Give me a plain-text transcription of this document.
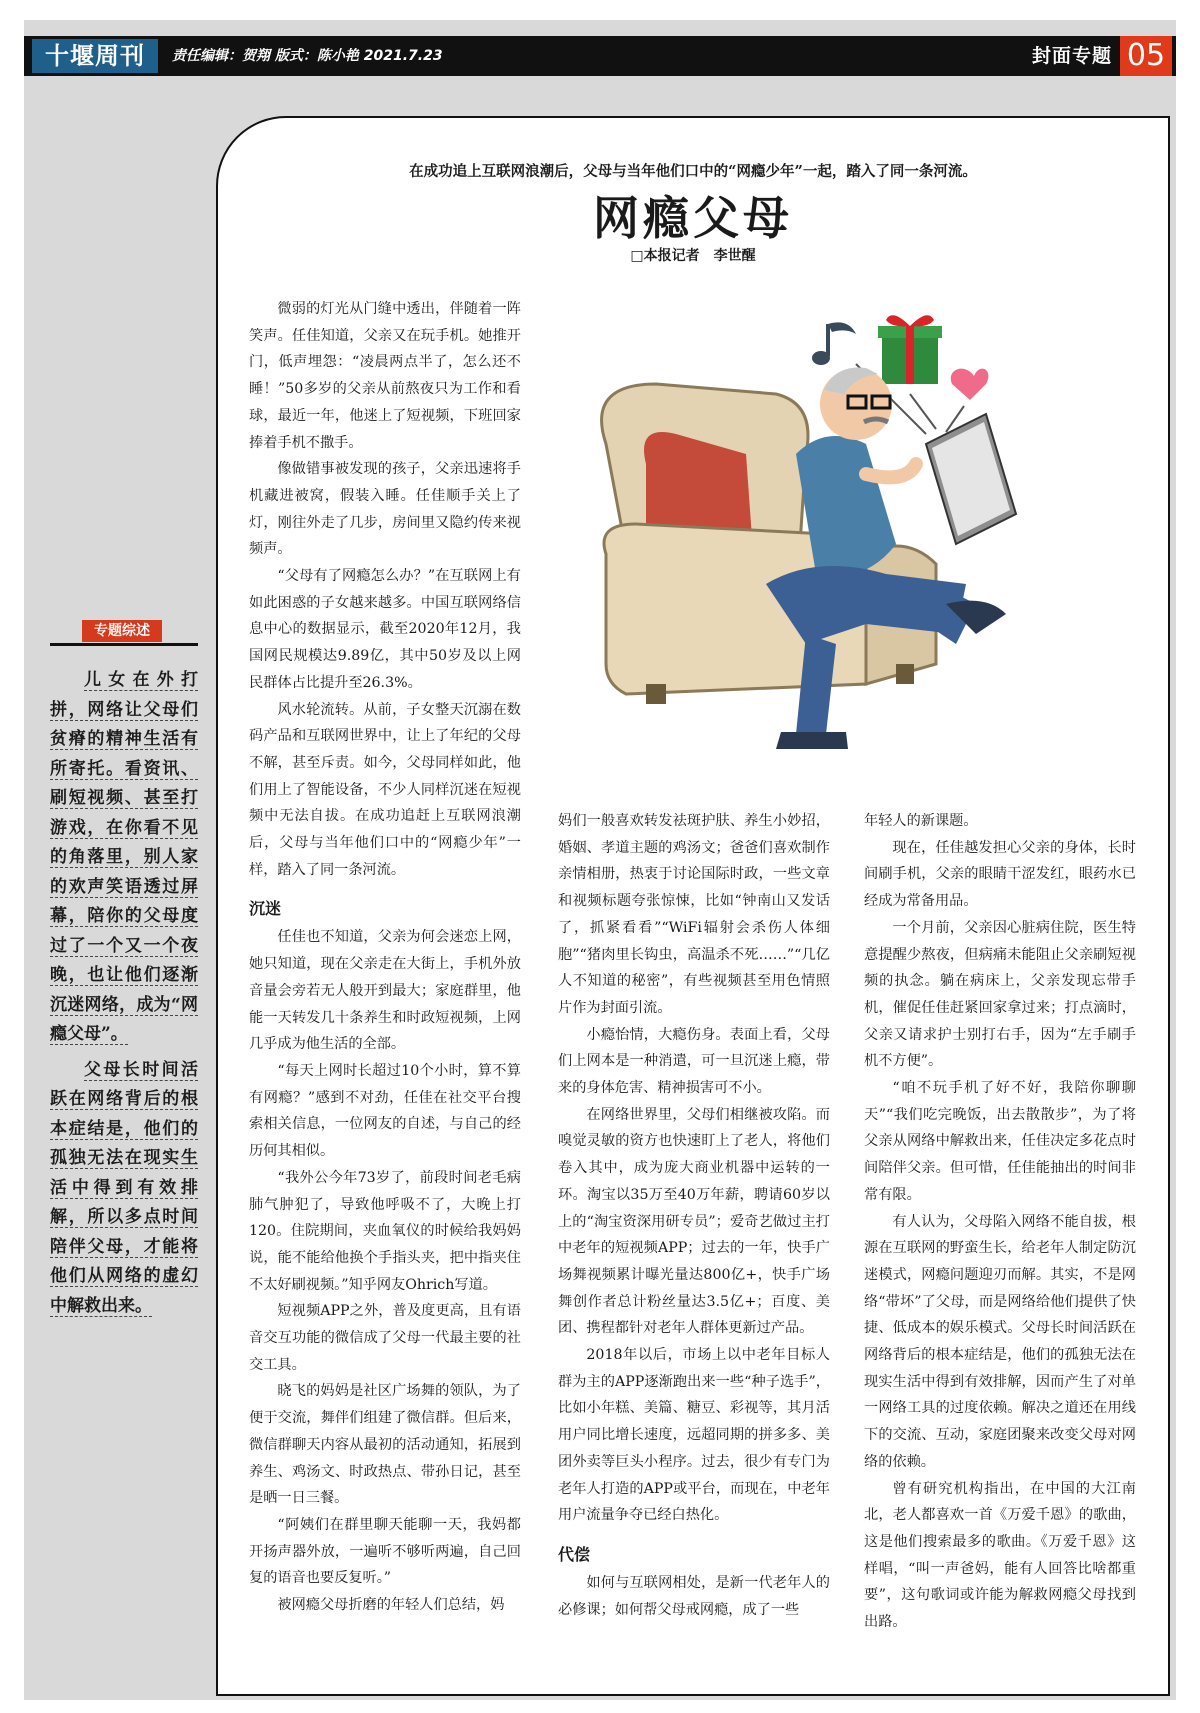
十堰周刊	责任编辑：贺翔 版式：陈小艳 2021.7.23	封面专题 05
在成功追上互联网浪潮后，父母与当年他们口中的“网瘾少年”一起，踏入了同一条河流。
网瘾父母
□本报记者　李世醒
专题综述

儿女在外打拼，网络让父母们贫瘠的精神生活有所寄托。看资讯、刷短视频、甚至打游戏，在你看不见的角落里，别人家的欢声笑语透过屏幕，陪你的父母度过了一个又一个夜晚，也让他们逐渐沉迷网络，成为“网瘾父母”。

父母长时间活跃在网络背后的根本症结是，他们的孤独无法在现实生活中得到有效排解，所以多点时间陪伴父母，才能将他们从网络的虚幻中解救出来。

微弱的灯光从门缝中透出，伴随着一阵笑声。任佳知道，父亲又在玩手机。她推开门，低声埋怨：“凌晨两点半了，怎么还不睡！”50多岁的父亲从前熬夜只为工作和看球，最近一年，他迷上了短视频，下班回家捧着手机不撒手。

像做错事被发现的孩子，父亲迅速将手机藏进被窝，假装入睡。任佳顺手关上了灯，刚往外走了几步，房间里又隐约传来视频声。

“父母有了网瘾怎么办？”在互联网上有如此困惑的子女越来越多。中国互联网络信息中心的数据显示，截至2020年12月，我国网民规模达9.89亿，其中50岁及以上网民群体占比提升至26.3%。

风水轮流转。从前，子女整天沉溺在数码产品和互联网世界中，让上了年纪的父母不解，甚至斥责。如今，父母同样如此，他们用上了智能设备，不少人同样沉迷在短视频中无法自拔。在成功追赶上互联网浪潮后，父母与当年他们口中的“网瘾少年”一样，踏入了同一条河流。

沉迷

任佳也不知道，父亲为何会迷恋上网，她只知道，现在父亲走在大街上，手机外放音量会旁若无人般开到最大；家庭群里，他能一天转发几十条养生和时政短视频，上网几乎成为他生活的全部。

“每天上网时长超过10个小时，算不算有网瘾？”感到不对劲，任佳在社交平台搜索相关信息，一位网友的自述，与自己的经历何其相似。

“我外公今年73岁了，前段时间老毛病肺气肿犯了，导致他呼吸不了，大晚上打120。住院期间，夹血氧仪的时候给我妈妈说，能不能给他换个手指头夹，把中指夹住不太好刷视频。”知乎网友Ohrich写道。

短视频APP之外，普及度更高，且有语音交互功能的微信成了父母一代最主要的社交工具。

晓飞的妈妈是社区广场舞的领队，为了便于交流，舞伴们组建了微信群。但后来，微信群聊天内容从最初的活动通知，拓展到养生、鸡汤文、时政热点、带孙日记，甚至是晒一日三餐。

“阿姨们在群里聊天能聊一天，我妈都开扬声器外放，一遍听不够听两遍，自己回复的语音也要反复听。”

被网瘾父母折磨的年轻人们总结，妈

妈们一般喜欢转发祛斑护肤、养生小妙招，婚姻、孝道主题的鸡汤文；爸爸们喜欢制作亲情相册，热衷于讨论国际时政，一些文章和视频标题夸张惊悚，比如“钟南山又发话了，抓紧看看”“WiFi辐射会杀伤人体细胞”“猪肉里长钩虫，高温杀不死……”“几亿人不知道的秘密”，有些视频甚至用色情照片作为封面引流。

小瘾怡情，大瘾伤身。表面上看，父母们上网本是一种消遣，可一旦沉迷上瘾，带来的身体危害、精神损害可不小。

在网络世界里，父母们相继被攻陷。而嗅觉灵敏的资方也快速盯上了老人，将他们卷入其中，成为庞大商业机器中运转的一环。淘宝以35万至40万年薪，聘请60岁以上的“淘宝资深用研专员”；爱奇艺做过主打中老年的短视频APP；过去的一年，快手广场舞视频累计曝光量达800亿+，快手广场舞创作者总计粉丝量达3.5亿+；百度、美团、携程都针对老年人群体更新过产品。

2018年以后，市场上以中老年目标人群为主的APP逐渐跑出来一些“种子选手”，比如小年糕、美篇、糖豆、彩视等，其月活用户同比增长速度，远超同期的拼多多、美团外卖等巨头小程序。过去，很少有专门为老年人打造的APP或平台，而现在，中老年用户流量争夺已经白热化。

代偿

如何与互联网相处，是新一代老年人的必修课；如何帮父母戒网瘾，成了一些

年轻人的新课题。

现在，任佳越发担心父亲的身体，长时间刷手机，父亲的眼睛干涩发红，眼药水已经成为常备用品。

一个月前，父亲因心脏病住院，医生特意提醒少熬夜，但病痛未能阻止父亲刷短视频的执念。躺在病床上，父亲发现忘带手机，催促任佳赶紧回家拿过来；打点滴时，父亲又请求护士别打右手，因为“左手刷手机不方便”。

“咱不玩手机了好不好，我陪你聊聊天”“我们吃完晚饭，出去散散步”，为了将父亲从网络中解救出来，任佳决定多花点时间陪伴父亲。但可惜，任佳能抽出的时间非常有限。

有人认为，父母陷入网络不能自拔，根源在互联网的野蛮生长，给老年人制定防沉迷模式，网瘾问题迎刃而解。其实，不是网络“带坏”了父母，而是网络给他们提供了快捷、低成本的娱乐模式。父母长时间活跃在网络背后的根本症结是，他们的孤独无法在现实生活中得到有效排解，因而产生了对单一网络工具的过度依赖。解决之道还在用线下的交流、互动，家庭团聚来改变父母对网络的依赖。

曾有研究机构指出，在中国的大江南北，老人都喜欢一首《万爱千恩》的歌曲，这是他们搜索最多的歌曲。《万爱千恩》这样唱，“叫一声爸妈，能有人回答比啥都重要”，这句歌词或许能为解救网瘾父母找到出路。
